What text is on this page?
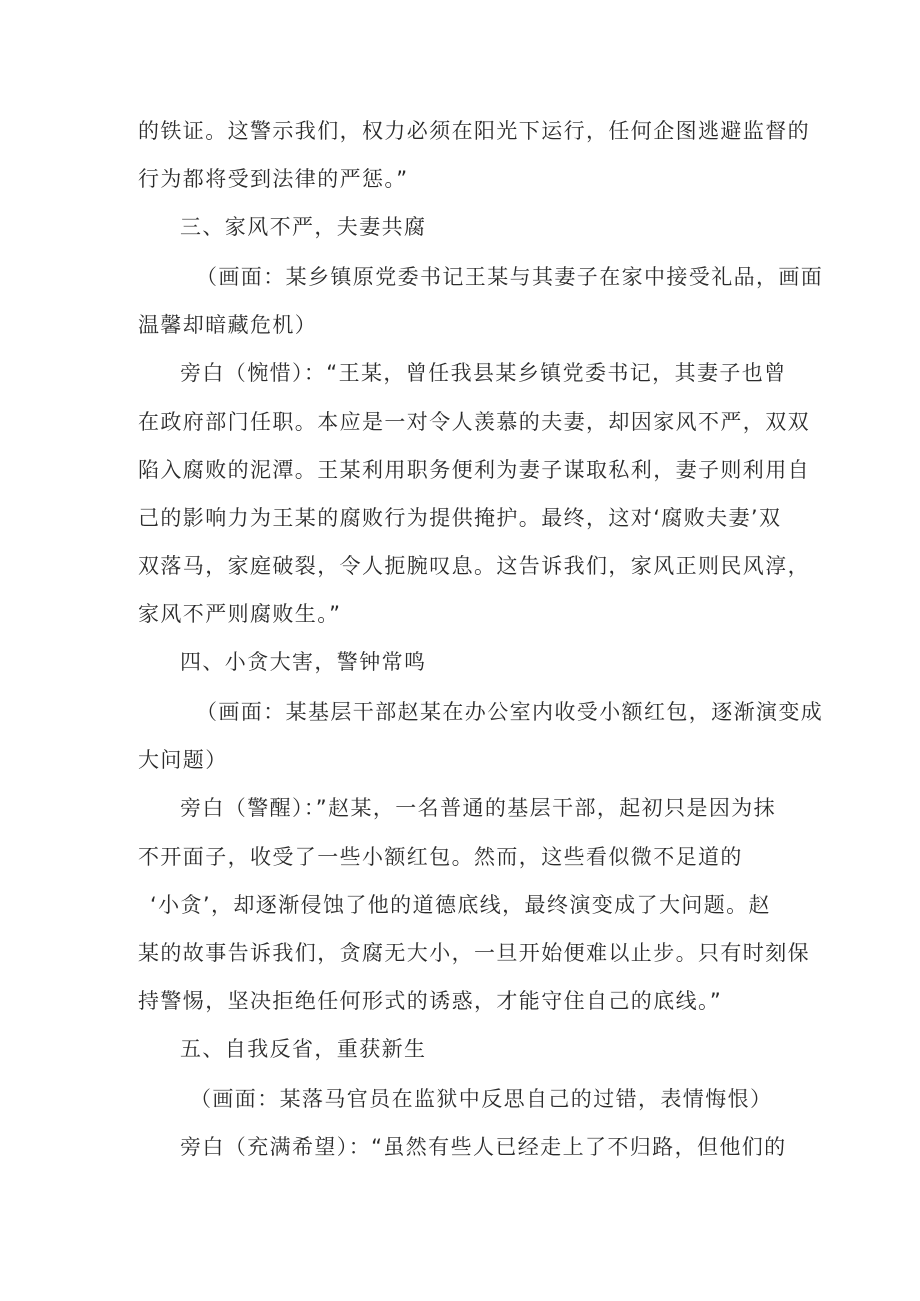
的铁证。这警示我们，权力必须在阳光下运行，任何企图逃避监督的
行为都将受到法律的严惩。”
三、家风不严，夫妻共腐
（画面：某乡镇原党委书记王某与其妻子在家中接受礼品，画面
温馨却暗藏危机）
旁白（惋惜）：“王某，曾任我县某乡镇党委书记，其妻子也曾
在政府部门任职。本应是一对令人羡慕的夫妻，却因家风不严，双双
陷入腐败的泥潭。王某利用职务便利为妻子谋取私利，妻子则利用自
己的影响力为王某的腐败行为提供掩护。最终，这对‘腐败夫妻’双
双落马，家庭破裂，令人扼腕叹息。这告诉我们，家风正则民风淳，
家风不严则腐败生。”
四、小贪大害，警钟常鸣
（画面：某基层干部赵某在办公室内收受小额红包，逐渐演变成
大问题）
旁白（警醒）：”赵某，一名普通的基层干部，起初只是因为抹
不开面子，收受了一些小额红包。然而，这些看似微不足道的
‘小贪’，却逐渐侵蚀了他的道德底线，最终演变成了大问题。赵
某的故事告诉我们，贪腐无大小，一旦开始便难以止步。只有时刻保
持警惕，坚决拒绝任何形式的诱惑，才能守住自己的底线。”
五、自我反省，重获新生
（画面：某落马官员在监狱中反思自己的过错，表情悔恨）
旁白（充满希望）：“虽然有些人已经走上了不归路，但他们的
